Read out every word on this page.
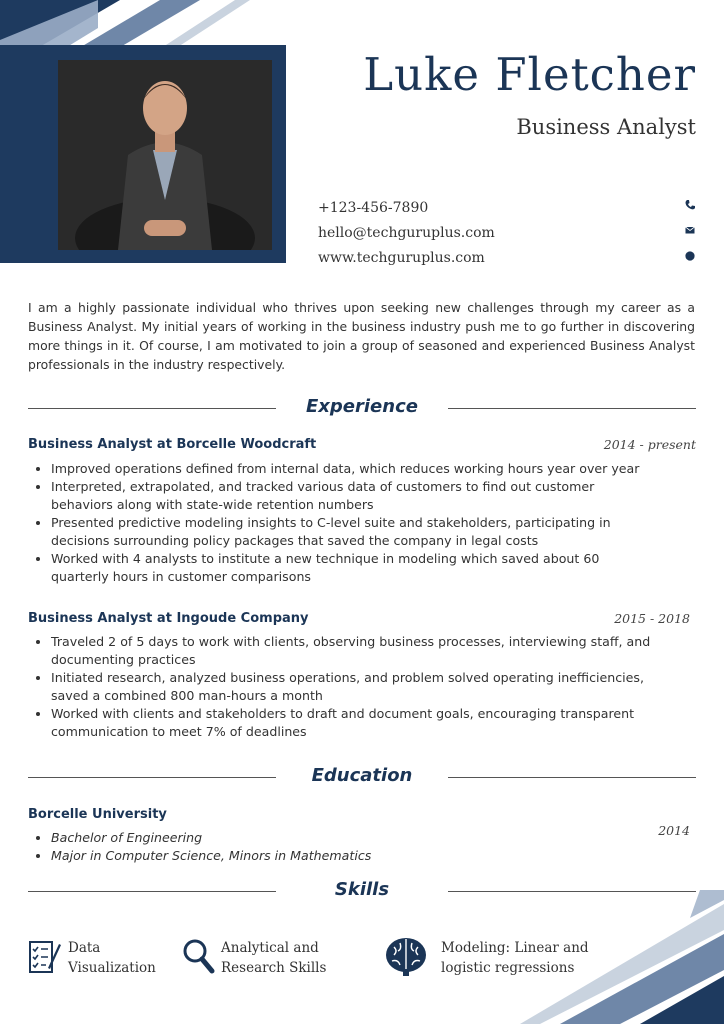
Luke Fletcher
Business Analyst
+123-456-7890
hello@techguruplus.com
www.techguruplus.com
I am a highly passionate individual who thrives upon seeking new challenges through my career as a Business Analyst. My initial years of working in the business industry push me to go further in discovering more things in it. Of course, I am motivated to join a group of seasoned and experienced Business Analyst professionals in the industry respectively.
Experience
Business Analyst at Borcelle Woodcraft	2014 - present
• Improved operations defined from internal data, which reduces working hours year over year
• Interpreted, extrapolated, and tracked various data of customers to find out customer behaviors along with state-wide retention numbers
• Presented predictive modeling insights to C-level suite and stakeholders, participating in decisions surrounding policy packages that saved the company in legal costs
• Worked with 4 analysts to institute a new technique in modeling which saved about 60 quarterly hours in customer comparisons
Business Analyst at Ingoude Company	2015 - 2018
• Traveled 2 of 5 days to work with clients, observing business processes, interviewing staff, and documenting practices
• Initiated research, analyzed business operations, and problem solved operating inefficiencies, saved a combined 800 man-hours a month
• Worked with clients and stakeholders to draft and document goals, encouraging transparent communication to meet 7% of deadlines
Education
Borcelle University
2014
• Bachelor of Engineering
• Major in Computer Science, Minors in Mathematics
Skills
Data
Visualization
Analytical and
Research Skills
Modeling: Linear and
logistic regressions
